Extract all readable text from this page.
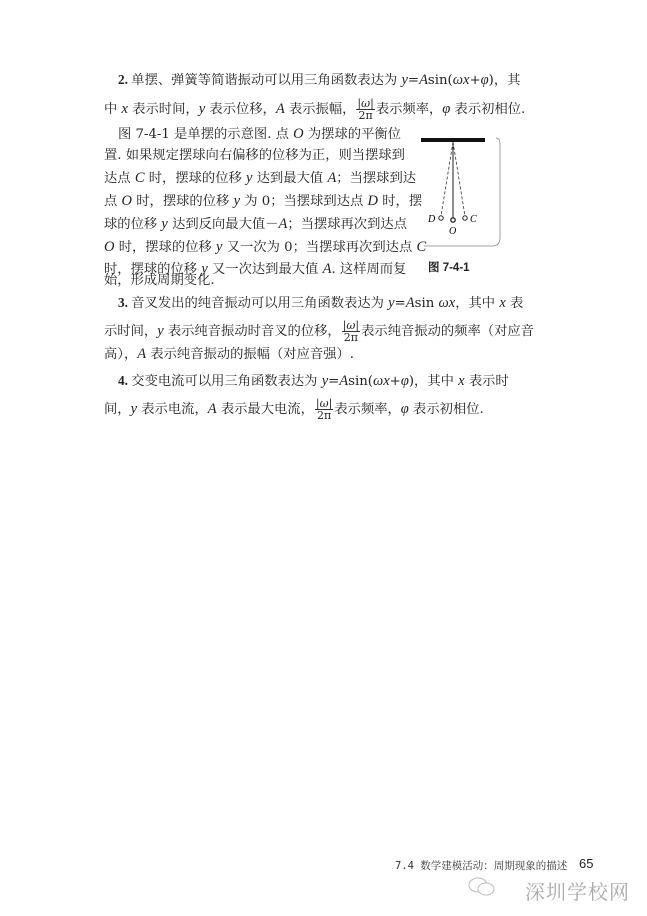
2. 单摆、弹簧等简谐振动可以用三角函数表达为 y=Asin(ωx+φ)，其
中 x 表示时间，y 表示位移，A 表示振幅， $\frac{|\omega|}{2\pi}$ 表示频率，φ 表示初相位.
图 7-4-1 是单摆的示意图. 点 O 为摆球的平衡位
置. 如果规定摆球向右偏移的位移为正，则当摆球到
达点 C 时，摆球的位移 y 达到最大值 A；当摆球到达
点 O 时，摆球的位移 y 为 0；当摆球到达点 D 时，摆
球的位移 y 达到反向最大值－A；当摆球再次到达点
O 时，摆球的位移 y 又一次为 0；当摆球再次到达点 C
时，摆球的位移 y 又一次达到最大值 A. 这样周而复
始，形成周期变化.
3. 音叉发出的纯音振动可以用三角函数表达为 y=Asin ωx，其中 x 表
示时间，y 表示纯音振动时音叉的位移， $\frac{|\omega|}{2\pi}$ 表示纯音振动的频率（对应音
高），A 表示纯音振动的振幅（对应音强）.
4. 交变电流可以用三角函数表达为 y=Asin(ωx+φ)，其中 x 表示时
间，y 表示电流，A 表示最大电流， $\frac{|\omega|}{2\pi}$ 表示频率，φ 表示初相位.
D
O
C
图 7-4-1
7.4 数学建模活动：周期现象的描述 65
深圳学校网
